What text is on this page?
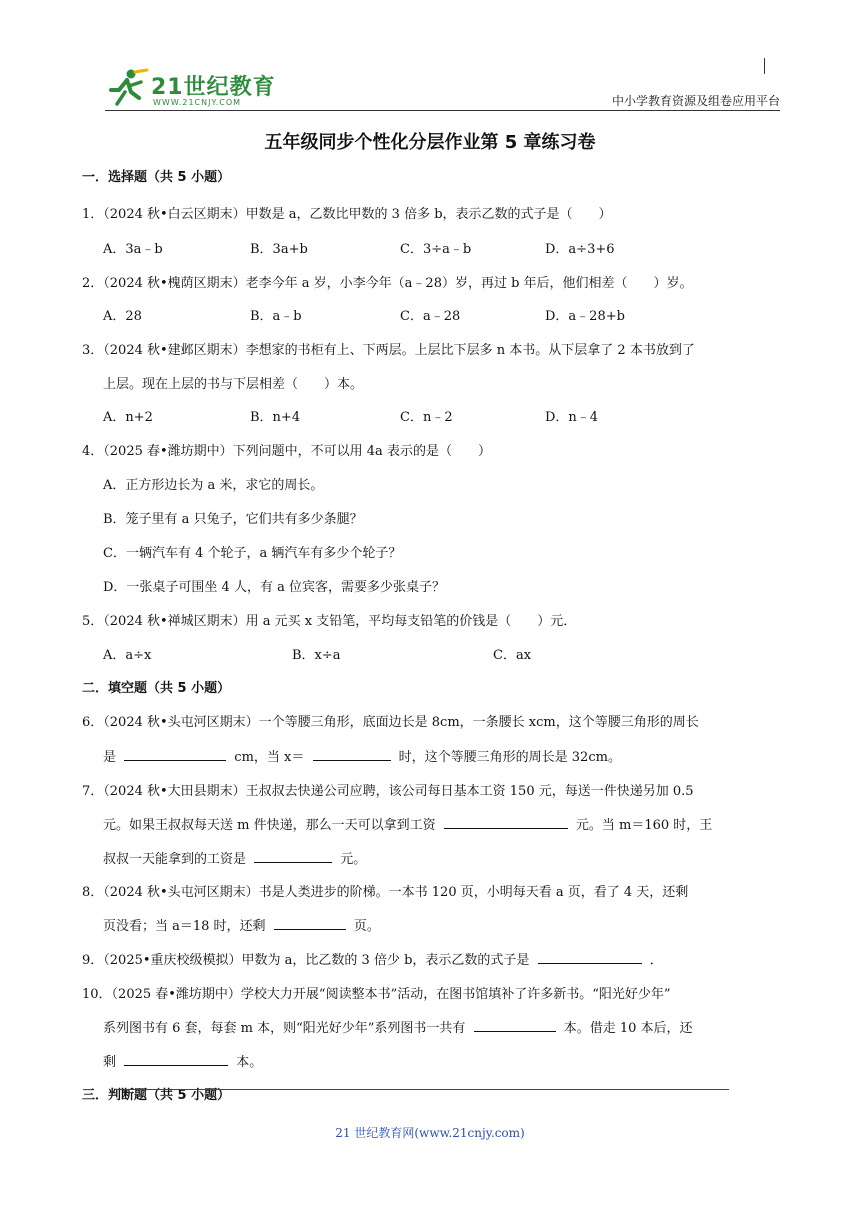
21世纪教育
WWW.21CNJY.COM	中小学教育资源及组卷应用平台
五年级同步个性化分层作业第 5 章练习卷
一．选择题（共 5 小题）
1．（2024 秋•白云区期末）甲数是 a，乙数比甲数的 3 倍多 b，表示乙数的式子是（　　）
A．3a﹣b	B．3a+b	C．3÷a﹣b	D．a÷3+6
2．（2024 秋•槐荫区期末）老李今年 a 岁，小李今年（a﹣28）岁，再过 b 年后，他们相差（　　）岁。
A．28	B．a﹣b	C．a﹣28	D．a﹣28+b
3．（2024 秋•建邺区期末）李想家的书柜有上、下两层。上层比下层多 n 本书。从下层拿了 2 本书放到了
上层。现在上层的书与下层相差（　　）本。
A．n+2	B．n+4	C．n﹣2	D．n﹣4
4．（2025 春•潍坊期中）下列问题中，不可以用 4a 表示的是（　　）
A．正方形边长为 a 米，求它的周长。
B．笼子里有 a 只兔子，它们共有多少条腿？
C．一辆汽车有 4 个轮子，a 辆汽车有多少个轮子？
D．一张桌子可围坐 4 人，有 a 位宾客，需要多少张桌子？
5．（2024 秋•禅城区期末）用 a 元买 x 支铅笔，平均每支铅笔的价钱是（　　）元．
A．a÷x	B．x÷a	C．ax
二．填空题（共 5 小题）
6．（2024 秋•头屯河区期末）一个等腰三角形，底面边长是 8cm，一条腰长 xcm，这个等腰三角形的周长
是	cm，当 x＝	时，这个等腰三角形的周长是 32cm。
7．（2024 秋•大田县期末）王叔叔去快递公司应聘，该公司每日基本工资 150 元，每送一件快递另加 0.5
元。如果王叔叔每天送 m 件快递，那么一天可以拿到工资	元。当 m＝160 时，王
叔叔一天能拿到的工资是	元。
8．（2024 秋•头屯河区期末）书是人类进步的阶梯。一本书 120 页，小明每天看 a 页，看了 4 天，还剩
页没看；当 a＝18 时，还剩	页。
9．（2025•重庆校级模拟）甲数为 a，比乙数的 3 倍少 b，表示乙数的式子是	．
10．（2025 春•潍坊期中）学校大力开展“阅读整本书”活动，在图书馆填补了许多新书。“阳光好少年”
系列图书有 6 套，每套 m 本，则“阳光好少年”系列图书一共有	本。借走 10 本后，还
剩	本。
三．判断题（共 5 小题）
21 世纪教育网(www.21cnjy.com)
